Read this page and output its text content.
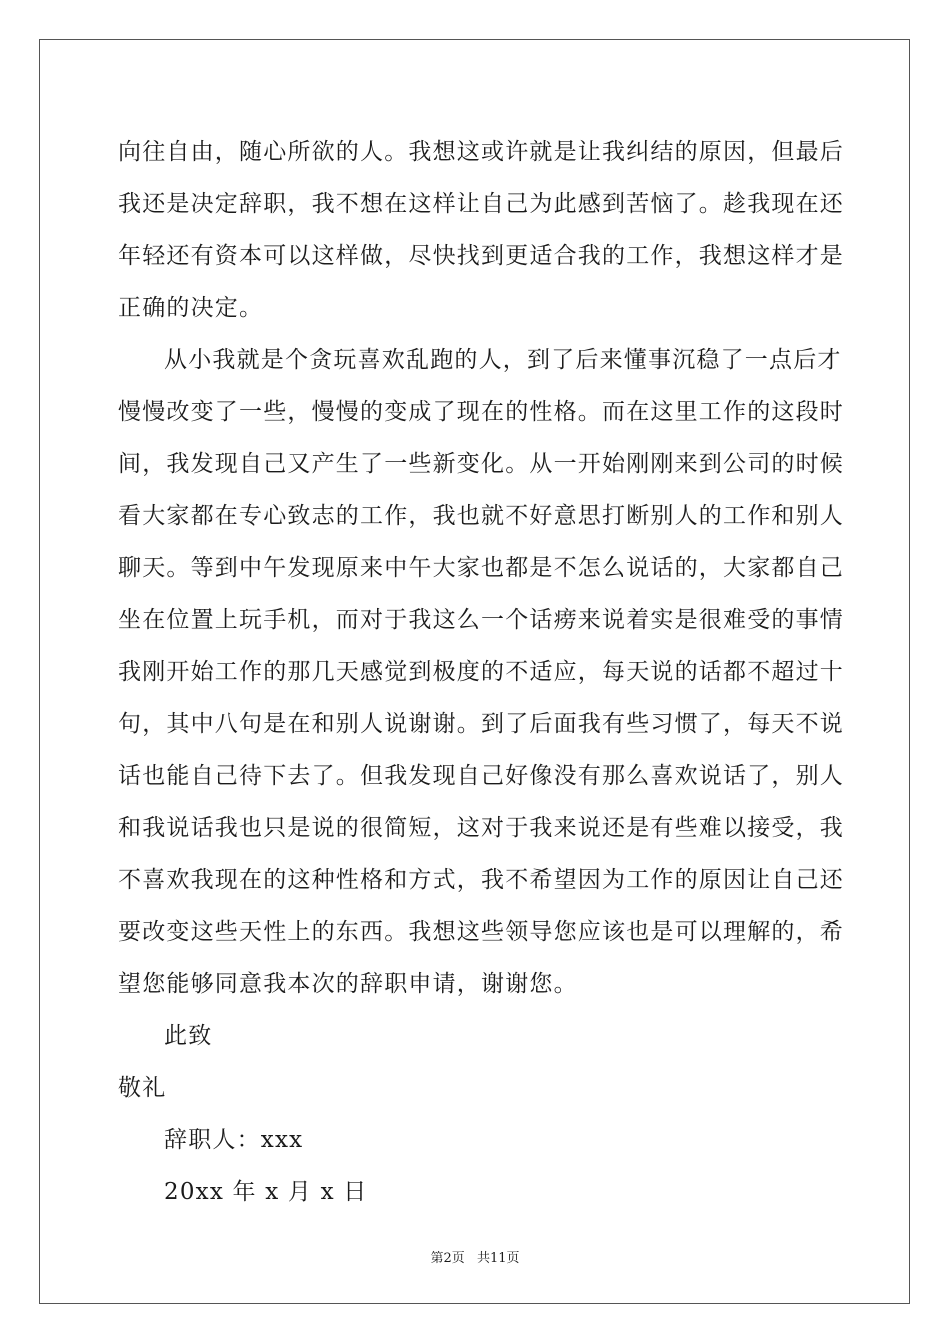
向往自由，随心所欲的人。我想这或许就是让我纠结的原因，但最后
我还是决定辞职，我不想在这样让自己为此感到苦恼了。趁我现在还
年轻还有资本可以这样做，尽快找到更适合我的工作，我想这样才是
正确的决定。
从小我就是个贪玩喜欢乱跑的人，到了后来懂事沉稳了一点后才
慢慢改变了一些，慢慢的变成了现在的性格。而在这里工作的这段时
间，我发现自己又产生了一些新变化。从一开始刚刚来到公司的时候
看大家都在专心致志的工作，我也就不好意思打断别人的工作和别人
聊天。等到中午发现原来中午大家也都是不怎么说话的，大家都自己
坐在位置上玩手机，而对于我这么一个话痨来说着实是很难受的事情
我刚开始工作的那几天感觉到极度的不适应，每天说的话都不超过十
句，其中八句是在和别人说谢谢。到了后面我有些习惯了，每天不说
话也能自己待下去了。但我发现自己好像没有那么喜欢说话了，别人
和我说话我也只是说的很简短，这对于我来说还是有些难以接受，我
不喜欢我现在的这种性格和方式，我不希望因为工作的原因让自己还
要改变这些天性上的东西。我想这些领导您应该也是可以理解的，希
望您能够同意我本次的辞职申请，谢谢您。
此致
敬礼
辞职人：xxx
20xx 年 x 月 x 日
第2页 共11页
